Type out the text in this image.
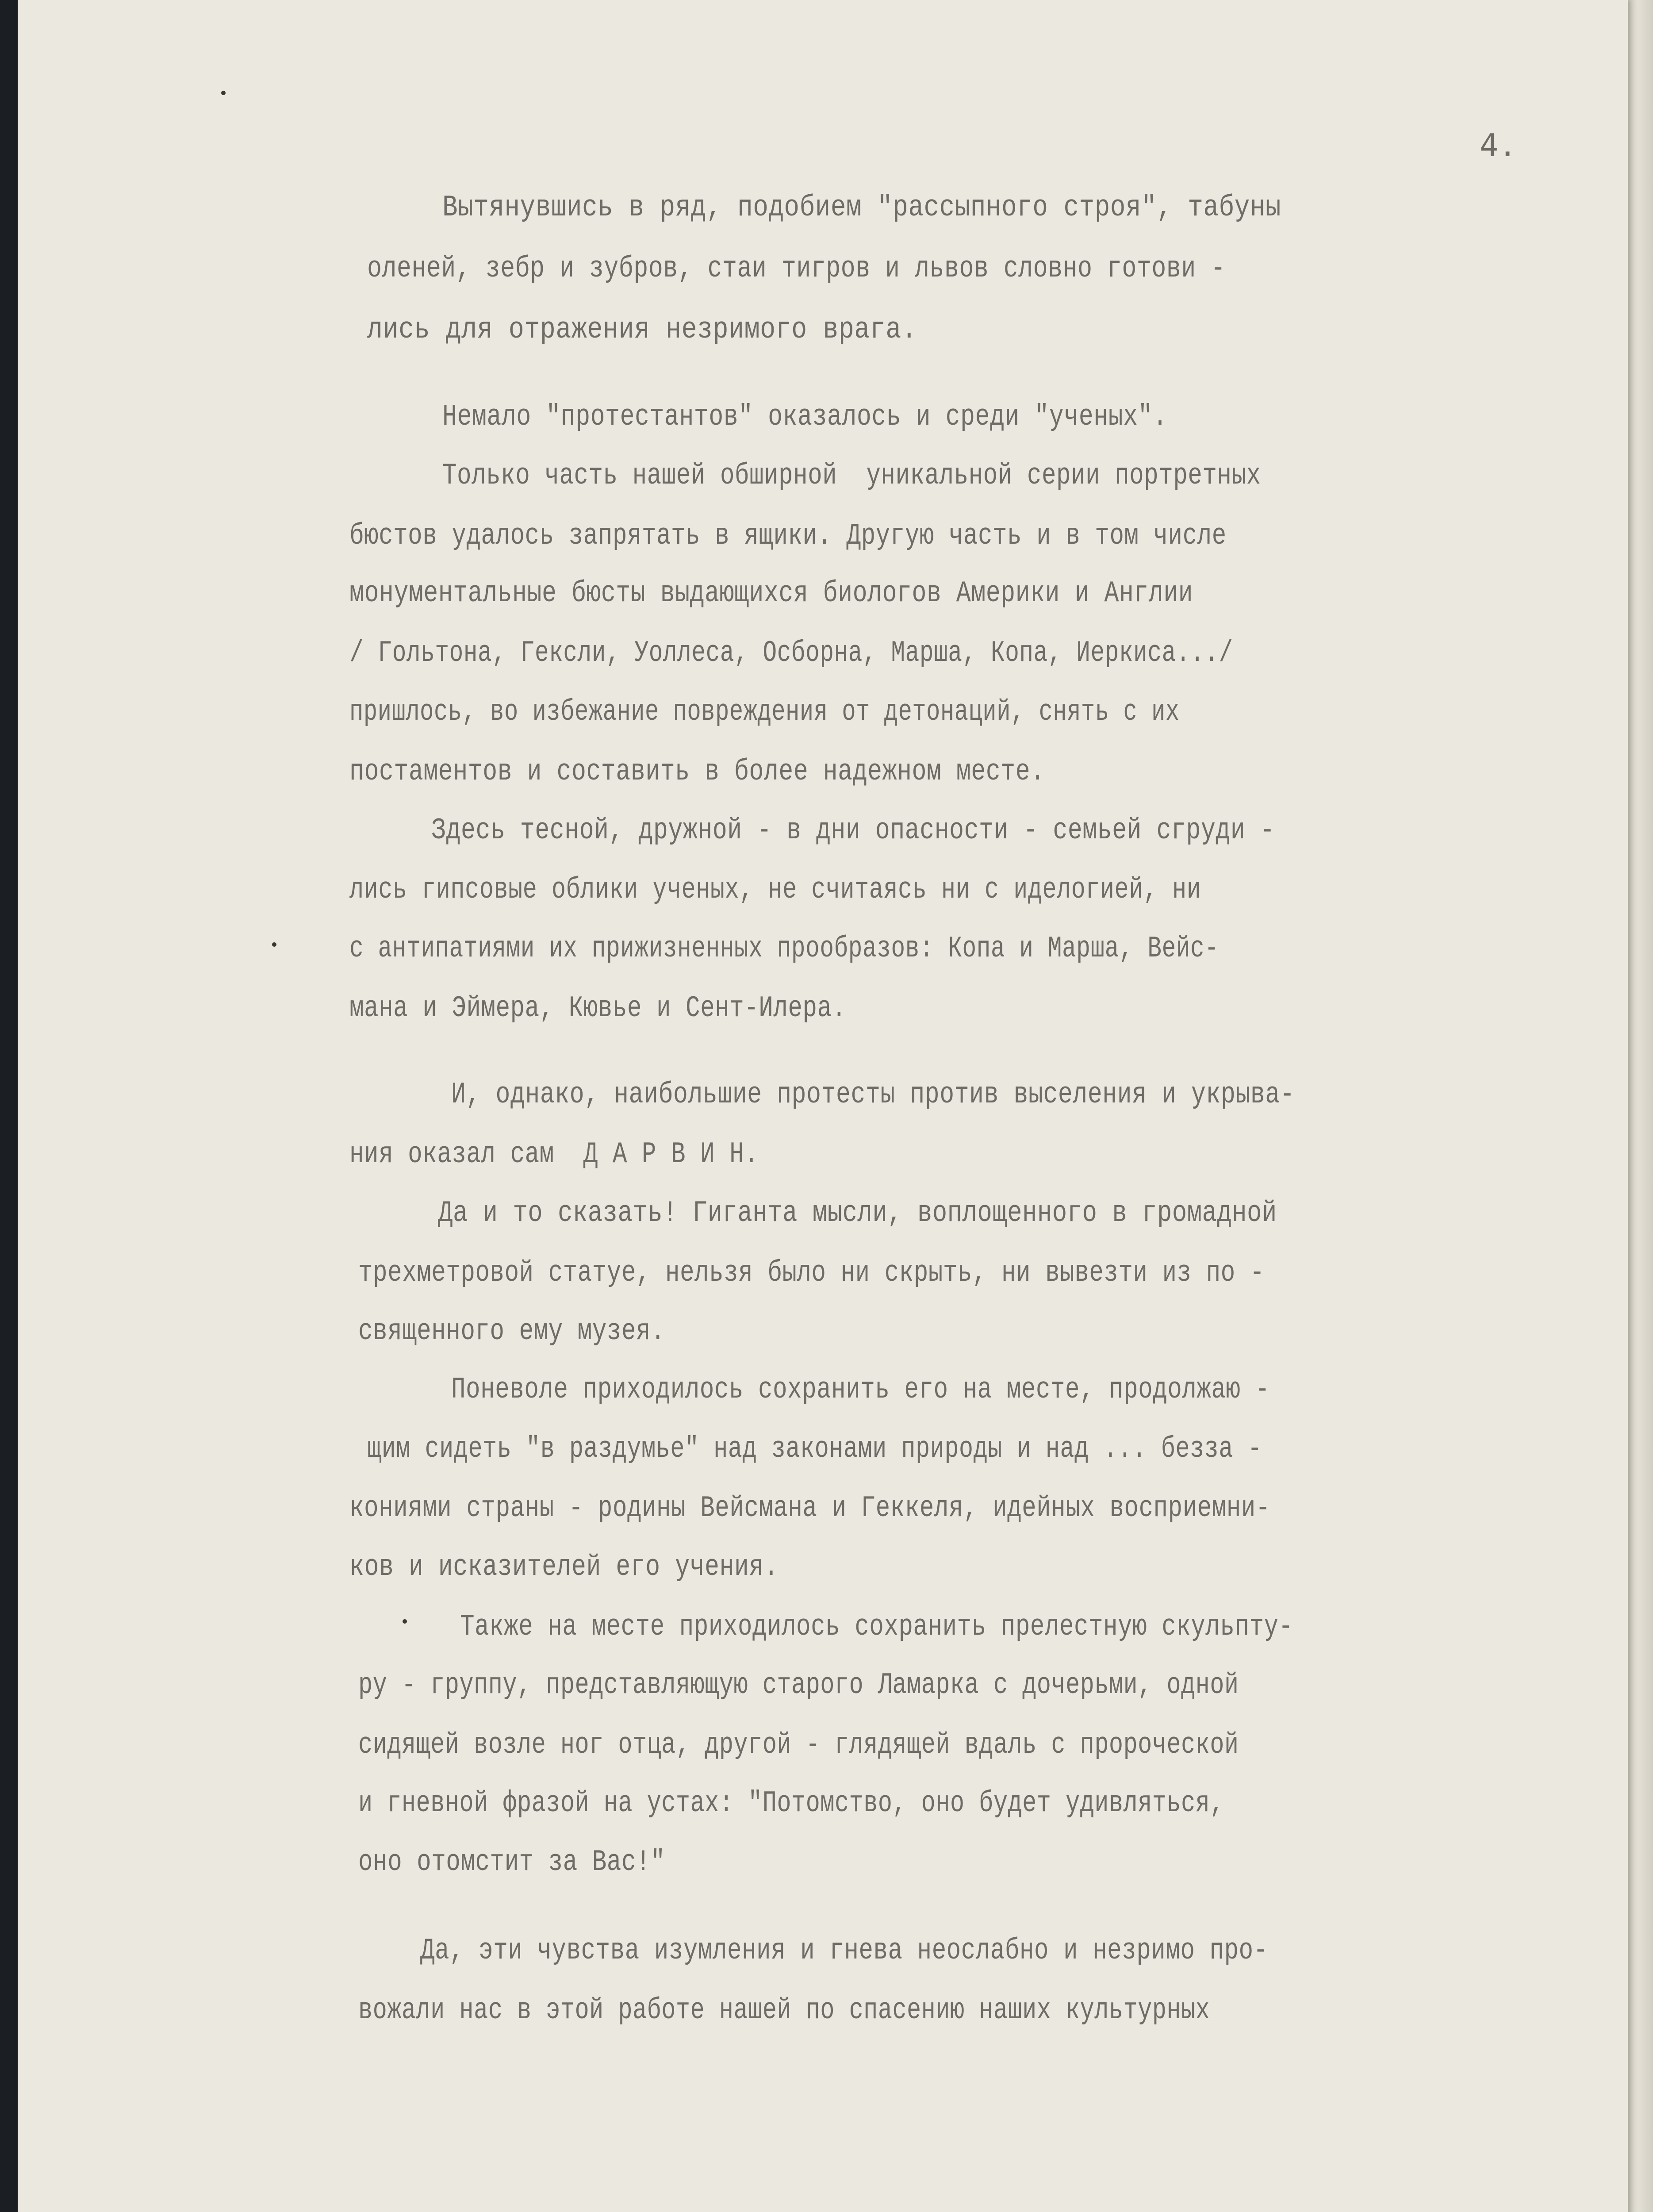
4.
Вытянувшись в ряд, подобием "рассыпного строя", табуны
оленей, зебр и зубров, стаи тигров и львов словно готови -
лись для отражения незримого врага.
Немало "протестантов" оказалось и среди "ученых".
Только часть нашей обширной  уникальной серии портретных
бюстов удалось запрятать в ящики. Другую часть и в том числе
монументальные бюсты выдающихся биологов Америки и Англии
/ Гольтона, Гексли, Уоллеса, Осборна, Марша, Копа, Иеркиса.../
пришлось, во избежание повреждения от детонаций, снять с их
постаментов и составить в более надежном месте.
Здесь тесной, дружной - в дни опасности - семьей сгруди -
лись гипсовые облики ученых, не считаясь ни с иделогией, ни
с антипатиями их прижизненных прообразов: Копа и Марша, Вейс-
мана и Эймера, Кювье и Сент-Илера.
И, однако, наибольшие протесты против выселения и укрыва-
ния оказал сам  Д А Р В И Н.
Да и то сказать! Гиганта мысли, воплощенного в громадной
трехметровой статуе, нельзя было ни скрыть, ни вывезти из по -
священного ему музея.
Поневоле приходилось сохранить его на месте, продолжаю -
щим сидеть "в раздумье" над законами природы и над ... безза -
кониями страны - родины Вейсмана и Геккеля, идейных восприемни-
ков и исказителей его учения.
Также на месте приходилось сохранить прелестную скульпту-
ру - группу, представляющую старого Ламарка с дочерьми, одной
сидящей возле ног отца, другой - глядящей вдаль с пророческой
и гневной фразой на устах: "Потомство, оно будет удивляться,
оно отомстит за Вас!"
Да, эти чувства изумления и гнева неослабно и незримо про-
вожали нас в этой работе нашей по спасению наших культурных
